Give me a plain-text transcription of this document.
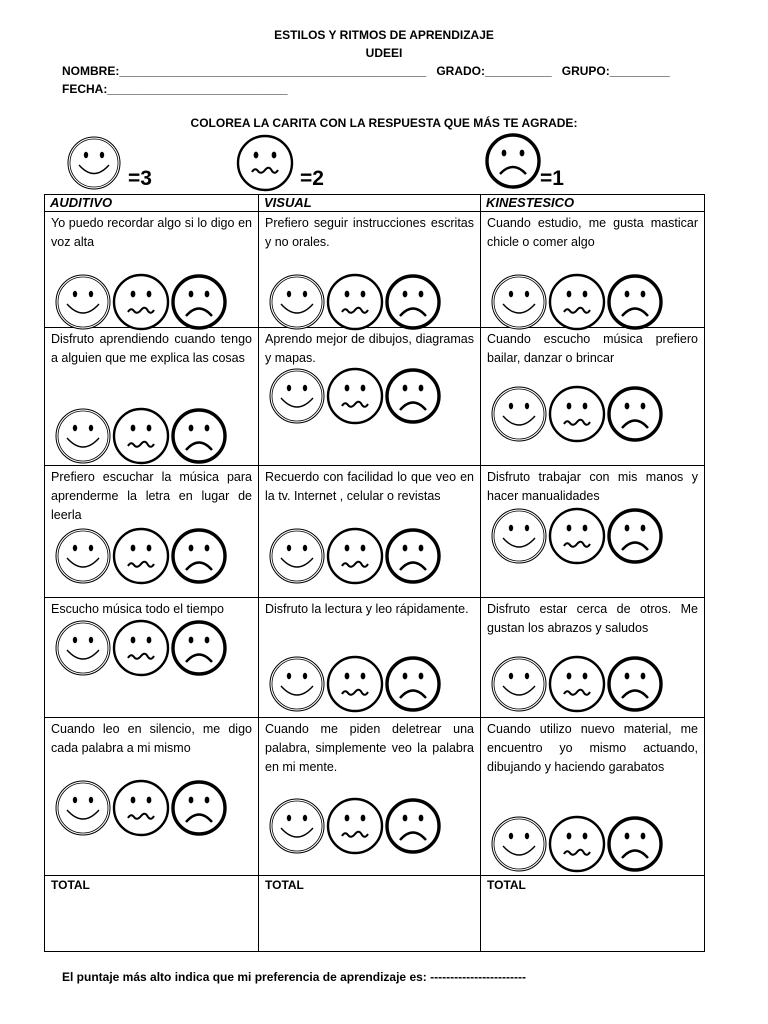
ESTILOS Y RITMOS DE APRENDIZAJE
UDEEI
NOMBRE:______________________________________________   GRADO:__________   GRUPO:_________
FECHA:___________________________
COLOREA LA CARITA CON LA RESPUESTA QUE MÁS TE AGRADE:
=3	=2	=1
AUDITIVO	VISUAL	KINESTESICO

Yo puedo recordar algo si lo digo en voz alta	Prefiero seguir instrucciones escritas y no orales.	Cuando estudio, me gusta masticar chicle o comer algo

Disfruto aprendiendo cuando tengo a alguien que me explica las cosas	Aprendo mejor de dibujos, diagramas y mapas.	Cuando escucho música prefiero bailar, danzar o brincar

Prefiero escuchar la música para aprenderme la letra en lugar de leerla	Recuerdo con facilidad lo que veo en la tv. Internet , celular o revistas	Disfruto trabajar con mis manos y hacer manualidades

Escucho música todo el tiempo	Disfruto la lectura y leo rápidamente.	Disfruto estar cerca de otros. Me gustan los abrazos y saludos

Cuando leo en silencio, me digo cada palabra a mi mismo	Cuando me piden deletrear una palabra, simplemente veo la palabra en mi mente.	Cuando utilizo nuevo material, me encuentro yo mismo actuando, dibujando y haciendo garabatos

TOTAL	TOTAL	TOTAL
El puntaje más alto indica que mi preferencia de aprendizaje es: ------------------------
